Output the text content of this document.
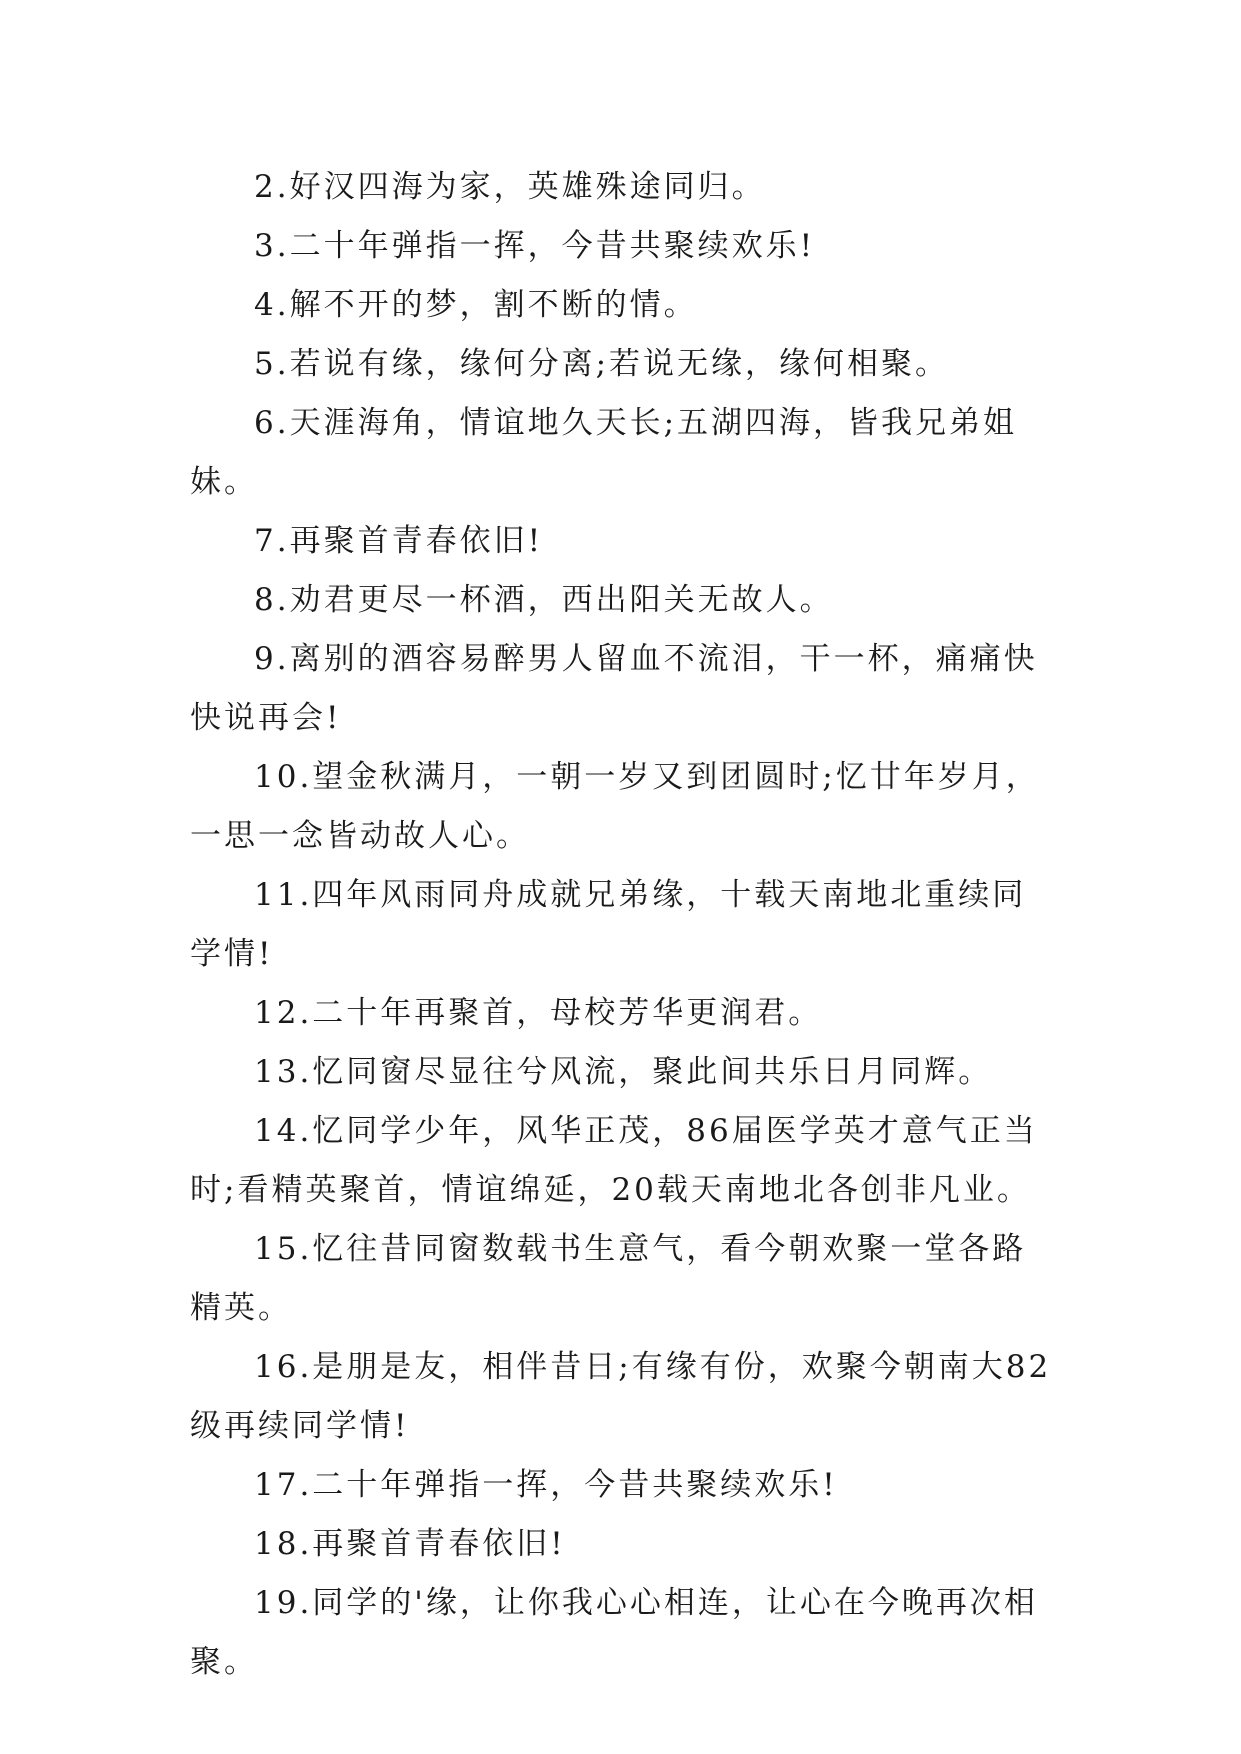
2.好汉四海为家，英雄殊途同归。

3.二十年弹指一挥，今昔共聚续欢乐!

4.解不开的梦，割不断的情。

5.若说有缘，缘何分离;若说无缘，缘何相聚。

6.天涯海角，情谊地久天长;五湖四海，皆我兄弟姐妹。

7.再聚首青春依旧!

8.劝君更尽一杯酒，西出阳关无故人。

9.离别的酒容易醉男人留血不流泪，干一杯，痛痛快快说再会!

10.望金秋满月，一朝一岁又到团圆时;忆廿年岁月，一思一念皆动故人心。

11.四年风雨同舟成就兄弟缘，十载天南地北重续同学情!

12.二十年再聚首，母校芳华更润君。

13.忆同窗尽显往兮风流，聚此间共乐日月同辉。

14.忆同学少年，风华正茂，86届医学英才意气正当时;看精英聚首，情谊绵延，20载天南地北各创非凡业。

15.忆往昔同窗数载书生意气，看今朝欢聚一堂各路精英。

16.是朋是友，相伴昔日;有缘有份，欢聚今朝南大82级再续同学情!

17.二十年弹指一挥，今昔共聚续欢乐!

18.再聚首青春依旧!

19.同学的'缘，让你我心心相连，让心在今晚再次相聚。
